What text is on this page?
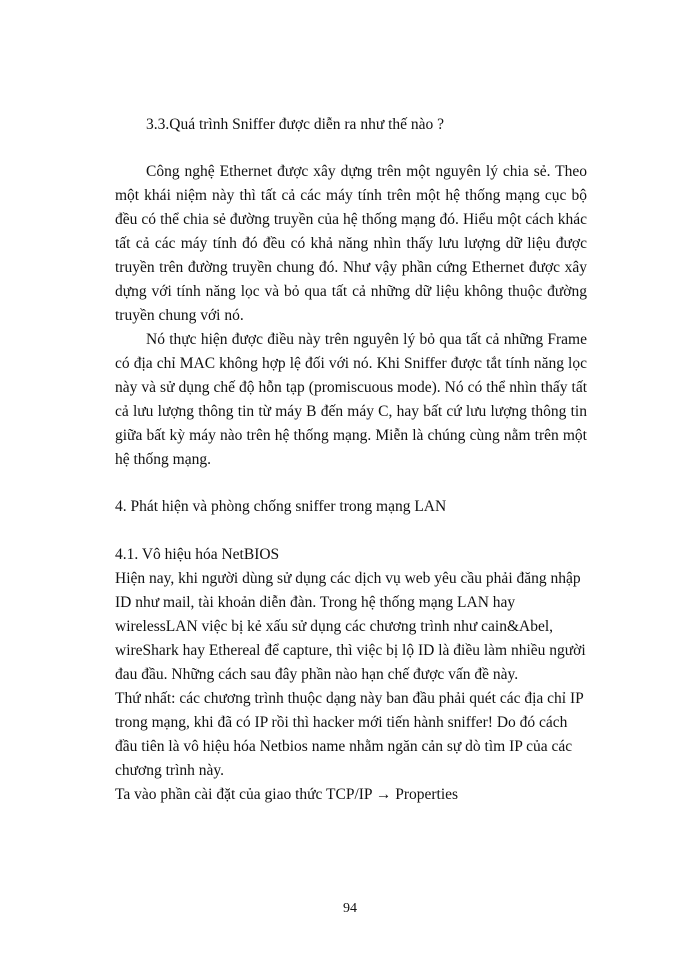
3.3.Quá trình Sniffer được diễn ra như thế nào ?
Công nghệ Ethernet được xây dựng trên một nguyên lý chia sẻ. Theo
một khái niệm này thì tất cả các máy tính trên một hệ thống mạng cục bộ
đều có thể chia sẻ đường truyền của hệ thống mạng đó. Hiểu một cách khác
tất cả các máy tính đó đều có khả năng nhìn thấy lưu lượng dữ liệu được
truyền trên đường truyền chung đó. Như vậy phần cứng Ethernet được xây
dựng với tính năng lọc và bỏ qua tất cả những dữ liệu không thuộc đường
truyền chung với nó.
Nó thực hiện được điều này trên nguyên lý bỏ qua tất cả những Frame
có địa chỉ MAC không hợp lệ đối với nó. Khi Sniffer được tắt tính năng lọc
này và sử dụng chế độ hỗn tạp (promiscuous mode). Nó có thể nhìn thấy tất
cả lưu lượng thông tin từ máy B đến máy C, hay bất cứ lưu lượng thông tin
giữa bất kỳ máy nào trên hệ thống mạng. Miễn là chúng cùng nằm trên một
hệ thống mạng.
4. Phát hiện và phòng chống sniffer trong mạng LAN
4.1. Vô hiệu hóa NetBIOS
Hiện nay, khi người dùng sử dụng các dịch vụ web yêu cầu phải đăng nhập
ID như mail, tài khoản diễn đàn. Trong hệ thống mạng LAN hay
wirelessLAN việc bị kẻ xấu sử dụng các chương trình như cain&Abel,
wireShark hay Ethereal để capture, thì việc bị lộ ID là điều làm nhiều người
đau đầu. Những cách sau đây phần nào hạn chế được vấn đề này.
Thứ nhất: các chương trình thuộc dạng này ban đầu phải quét các địa chỉ IP
trong mạng, khi đã có IP rồi thì hacker mới tiến hành sniffer! Do đó cách
đầu tiên là vô hiệu hóa Netbios name nhằm ngăn cản sự dò tìm IP của các
chương trình này.
Ta vào phần cài đặt của giao thức TCP/IP → Properties
94
